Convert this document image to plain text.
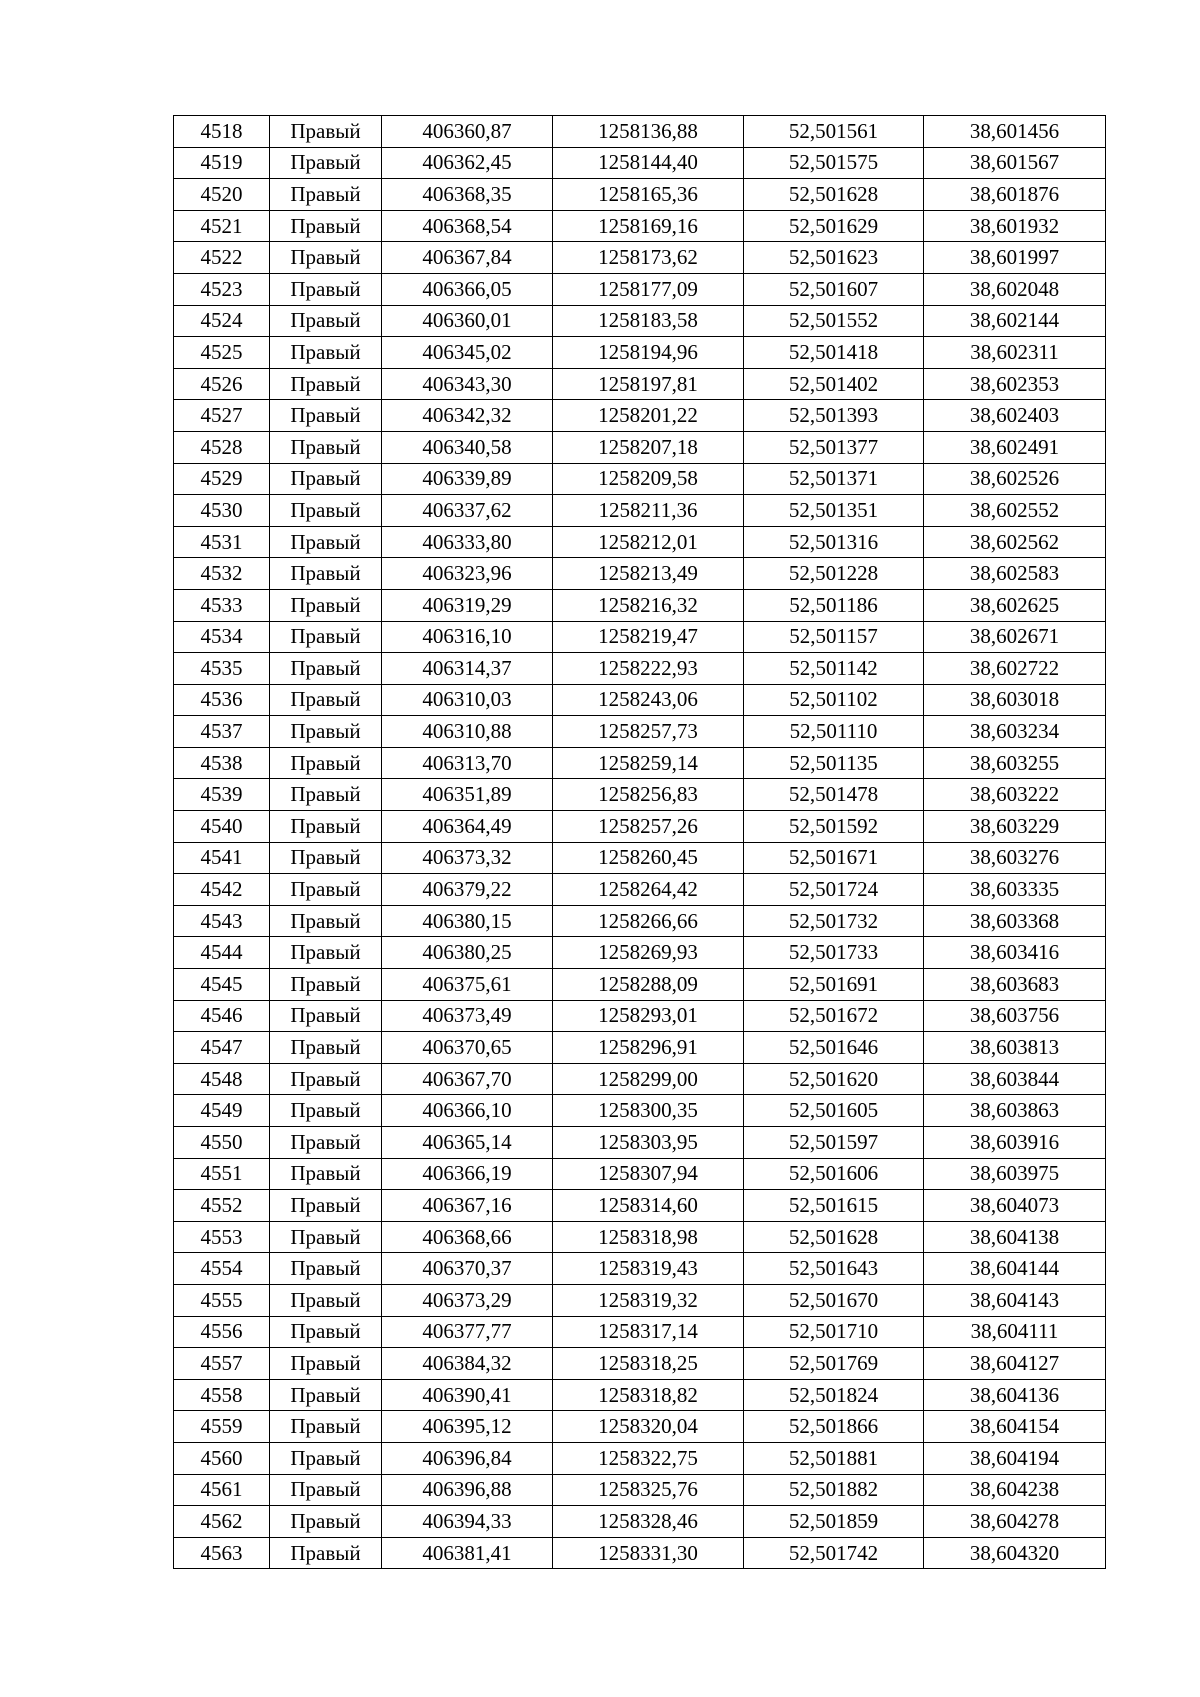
4518	Правый	406360,87	1258136,88	52,501561	38,601456
4519	Правый	406362,45	1258144,40	52,501575	38,601567
4520	Правый	406368,35	1258165,36	52,501628	38,601876
4521	Правый	406368,54	1258169,16	52,501629	38,601932
4522	Правый	406367,84	1258173,62	52,501623	38,601997
4523	Правый	406366,05	1258177,09	52,501607	38,602048
4524	Правый	406360,01	1258183,58	52,501552	38,602144
4525	Правый	406345,02	1258194,96	52,501418	38,602311
4526	Правый	406343,30	1258197,81	52,501402	38,602353
4527	Правый	406342,32	1258201,22	52,501393	38,602403
4528	Правый	406340,58	1258207,18	52,501377	38,602491
4529	Правый	406339,89	1258209,58	52,501371	38,602526
4530	Правый	406337,62	1258211,36	52,501351	38,602552
4531	Правый	406333,80	1258212,01	52,501316	38,602562
4532	Правый	406323,96	1258213,49	52,501228	38,602583
4533	Правый	406319,29	1258216,32	52,501186	38,602625
4534	Правый	406316,10	1258219,47	52,501157	38,602671
4535	Правый	406314,37	1258222,93	52,501142	38,602722
4536	Правый	406310,03	1258243,06	52,501102	38,603018
4537	Правый	406310,88	1258257,73	52,501110	38,603234
4538	Правый	406313,70	1258259,14	52,501135	38,603255
4539	Правый	406351,89	1258256,83	52,501478	38,603222
4540	Правый	406364,49	1258257,26	52,501592	38,603229
4541	Правый	406373,32	1258260,45	52,501671	38,603276
4542	Правый	406379,22	1258264,42	52,501724	38,603335
4543	Правый	406380,15	1258266,66	52,501732	38,603368
4544	Правый	406380,25	1258269,93	52,501733	38,603416
4545	Правый	406375,61	1258288,09	52,501691	38,603683
4546	Правый	406373,49	1258293,01	52,501672	38,603756
4547	Правый	406370,65	1258296,91	52,501646	38,603813
4548	Правый	406367,70	1258299,00	52,501620	38,603844
4549	Правый	406366,10	1258300,35	52,501605	38,603863
4550	Правый	406365,14	1258303,95	52,501597	38,603916
4551	Правый	406366,19	1258307,94	52,501606	38,603975
4552	Правый	406367,16	1258314,60	52,501615	38,604073
4553	Правый	406368,66	1258318,98	52,501628	38,604138
4554	Правый	406370,37	1258319,43	52,501643	38,604144
4555	Правый	406373,29	1258319,32	52,501670	38,604143
4556	Правый	406377,77	1258317,14	52,501710	38,604111
4557	Правый	406384,32	1258318,25	52,501769	38,604127
4558	Правый	406390,41	1258318,82	52,501824	38,604136
4559	Правый	406395,12	1258320,04	52,501866	38,604154
4560	Правый	406396,84	1258322,75	52,501881	38,604194
4561	Правый	406396,88	1258325,76	52,501882	38,604238
4562	Правый	406394,33	1258328,46	52,501859	38,604278
4563	Правый	406381,41	1258331,30	52,501742	38,604320
